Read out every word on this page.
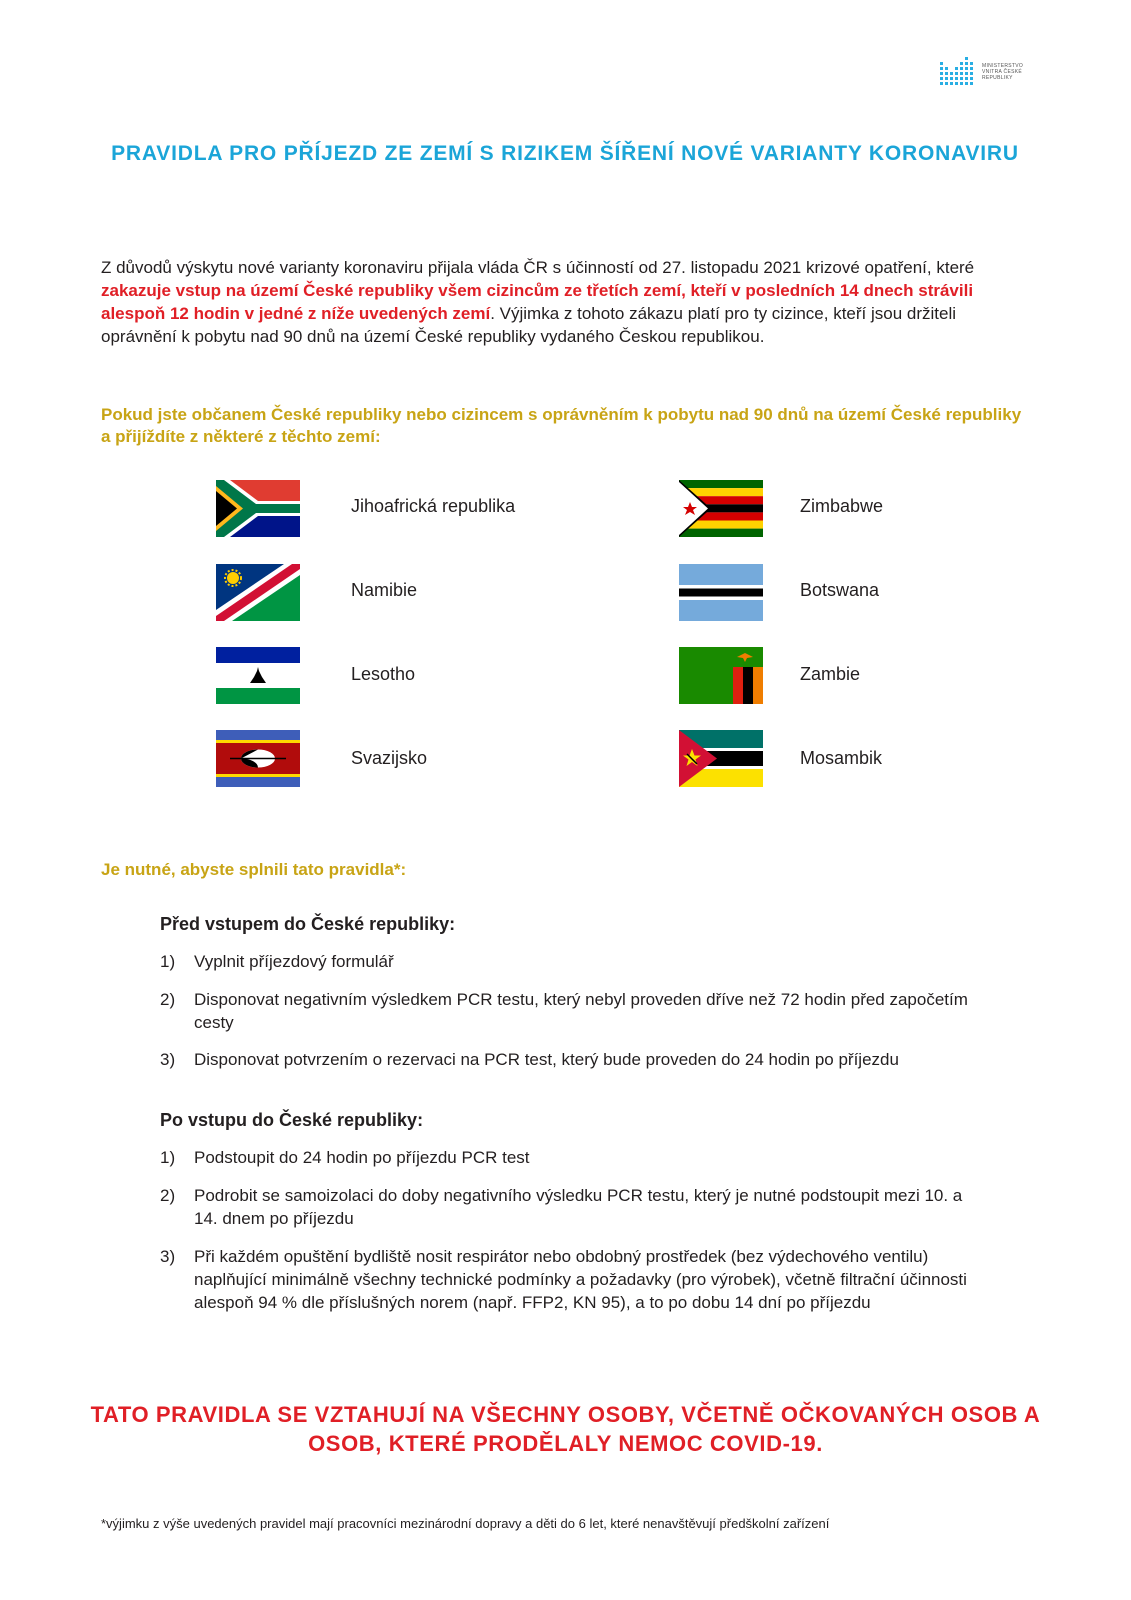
MINISTERSTVO VNITRA ČESKÉ REPUBLIKY
PRAVIDLA PRO PŘÍJEZD ZE ZEMÍ S RIZIKEM ŠÍŘENÍ NOVÉ VARIANTY KORONAVIRU
Z důvodů výskytu nové varianty koronaviru přijala vláda ČR s účinností od 27. listopadu 2021 krizové opatření, které zakazuje vstup na území České republiky všem cizincům ze třetích zemí, kteří v posledních 14 dnech strávili alespoň 12 hodin v jedné z níže uvedených zemí. Výjimka z tohoto zákazu platí pro ty cizince, kteří jsou držiteli oprávnění k pobytu nad 90 dnů na území České republiky vydaného Českou republikou.
Pokud jste občanem České republiky nebo cizincem s oprávněním k pobytu nad 90 dnů na území České republiky a přijíždíte z některé z těchto zemí:
Jihoafrická republika
Namibie
Lesotho
Svazijsko
Zimbabwe
Botswana
Zambie
Mosambik
Je nutné, abyste splnili tato pravidla*:
Před vstupem do České republiky:
1) Vyplnit příjezdový formulář
2) Disponovat negativním výsledkem PCR testu, který nebyl proveden dříve než 72 hodin před započetím cesty
3) Disponovat potvrzením o rezervaci na PCR test, který bude proveden do 24 hodin po příjezdu
Po vstupu do České republiky:
1) Podstoupit do 24 hodin po příjezdu PCR test
2) Podrobit se samoizolaci do doby negativního výsledku PCR testu, který je nutné podstoupit mezi 10. a 14. dnem po příjezdu
3) Při každém opuštění bydliště nosit respirátor nebo obdobný prostředek (bez výdechového ventilu) naplňující minimálně všechny technické podmínky a požadavky (pro výrobek), včetně filtrační účinnosti alespoň 94 % dle příslušných norem (např. FFP2, KN 95), a to po dobu 14 dní po příjezdu
TATO PRAVIDLA SE VZTAHUJÍ NA VŠECHNY OSOBY, VČETNĚ OČKOVANÝCH OSOB A OSOB, KTERÉ PRODĚLALY NEMOC COVID-19.
*výjimku z výše uvedených pravidel mají pracovníci mezinárodní dopravy a děti do 6 let, které nenavštěvují předškolní zařízení
